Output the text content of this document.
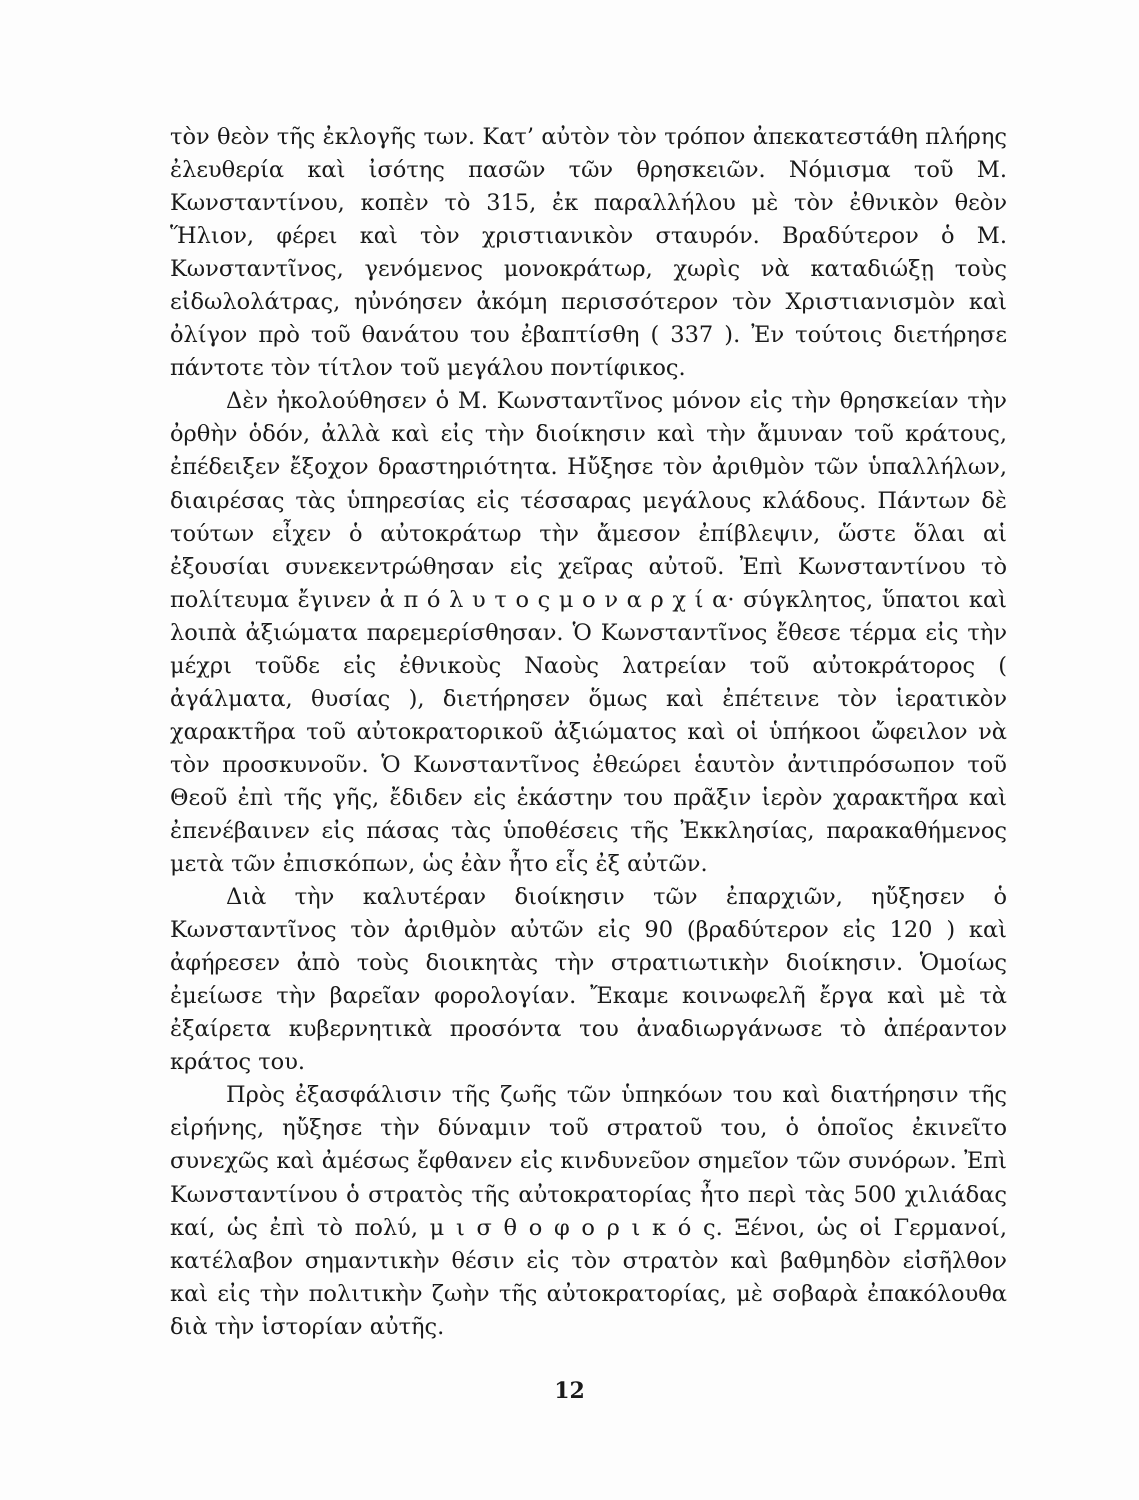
τὸν θεὸν τῆς ἐκλογῆς των. Κατ’ αὐτὸν τὸν τρόπον ἀπεκατεστάθη πλήρης ἐλευθερία καὶ ἰσότης πασῶν τῶν θρησκειῶν. Νόμισμα τοῦ Μ. Κωνσταντίνου, κοπὲν τὸ 315, ἐκ παραλλήλου μὲ τὸν ἐθνικὸν θεὸν Ἥλιον, φέρει καὶ τὸν χριστιανικὸν σταυρόν. Βραδύτερον ὁ Μ. Κωνσταντῖνος, γενόμενος μονοκράτωρ, χωρὶς νὰ καταδιώξῃ τοὺς εἰδωλολάτρας, ηὐνόησεν ἀκόμη περισσότερον τὸν Χριστιανισμὸν καὶ ὀλίγον πρὸ τοῦ θανάτου του ἐβαπτίσθη ( 337 ). Ἐν τούτοις διετήρησε πάντοτε τὸν τίτλον τοῦ μεγάλου ποντίφικος.

Δὲν ἠκολούθησεν ὁ Μ. Κωνσταντῖνος μόνον εἰς τὴν θρησκείαν τὴν ὀρθὴν ὁδόν, ἀλλὰ καὶ εἰς τὴν διοίκησιν καὶ τὴν ἄμυναν τοῦ κράτους, ἐπέδειξεν ἔξοχον δραστηριότητα. Ηὔξησε τὸν ἀριθμὸν τῶν ὑπαλλήλων, διαιρέσας τὰς ὑπηρεσίας εἰς τέσσαρας μεγάλους κλάδους. Πάντων δὲ τούτων εἶχεν ὁ αὐτοκράτωρ τὴν ἄμεσον ἐπίβλεψιν, ὥστε ὅλαι αἱ ἐξουσίαι συνεκεντρώθησαν εἰς χεῖρας αὐτοῦ. Ἐπὶ Κωνσταντίνου τὸ πολίτευμα ἔγινεν ἀ π ό λ υ τ ο ς μ ο ν α ρ χ ί α· σύγκλητος, ὕπατοι καὶ λοιπὰ ἀξιώματα παρεμερίσθησαν. Ὁ Κωνσταντῖνος ἔθεσε τέρμα εἰς τὴν μέχρι τοῦδε εἰς ἐθνικοὺς Ναοὺς λατρείαν τοῦ αὐτοκράτορος ( ἀγάλματα, θυσίας ), διετήρησεν ὅμως καὶ ἐπέτεινε τὸν ἱερατικὸν χαρακτῆρα τοῦ αὐτοκρατορικοῦ ἀξιώματος καὶ οἱ ὑπήκοοι ὤφειλον νὰ τὸν προσκυνοῦν. Ὁ Κωνσταντῖνος ἐθεώρει ἑαυτὸν ἀντιπρόσωπον τοῦ Θεοῦ ἐπὶ τῆς γῆς, ἔδιδεν εἰς ἑκάστην του πρᾶξιν ἱερὸν χαρακτῆρα καὶ ἐπενέβαινεν εἰς πάσας τὰς ὑποθέσεις τῆς Ἐκκλησίας, παρακαθήμενος μετὰ τῶν ἐπισκόπων, ὡς ἐὰν ἦτο εἷς ἐξ αὐτῶν.

Διὰ τὴν καλυτέραν διοίκησιν τῶν ἐπαρχιῶν, ηὔξησεν ὁ Κωνσταντῖνος τὸν ἀριθμὸν αὐτῶν εἰς 90 (βραδύτερον εἰς 120 ) καὶ ἀφήρεσεν ἀπὸ τοὺς διοικητὰς τὴν στρατιωτικὴν διοίκησιν. Ὁμοίως ἐμείωσε τὴν βαρεῖαν φορολογίαν. Ἔκαμε κοινωφελῆ ἔργα καὶ μὲ τὰ ἐξαίρετα κυβερνητικὰ προσόντα του ἀναδιωργάνωσε τὸ ἀπέραντον κράτος του.

Πρὸς ἐξασφάλισιν τῆς ζωῆς τῶν ὑπηκόων του καὶ διατήρησιν τῆς εἰρήνης, ηὔξησε τὴν δύναμιν τοῦ στρατοῦ του, ὁ ὁποῖος ἐκινεῖτο συνεχῶς καὶ ἀμέσως ἔφθανεν εἰς κινδυνεῦον σημεῖον τῶν συνόρων. Ἐπὶ Κωνσταντίνου ὁ στρατὸς τῆς αὐτοκρατορίας ἦτο περὶ τὰς 500 χιλιάδας καί, ὡς ἐπὶ τὸ πολύ, μ ι σ θ ο φ ο ρ ι κ ό ς. Ξένοι, ὡς οἱ Γερμανοί, κατέλαβον σημαντικὴν θέσιν εἰς τὸν στρατὸν καὶ βαθμηδὸν εἰσῆλθον καὶ εἰς τὴν πολιτικὴν ζωὴν τῆς αὐτοκρατορίας, μὲ σοβαρὰ ἐπακόλουθα διὰ τὴν ἱστορίαν αὐτῆς.

12
